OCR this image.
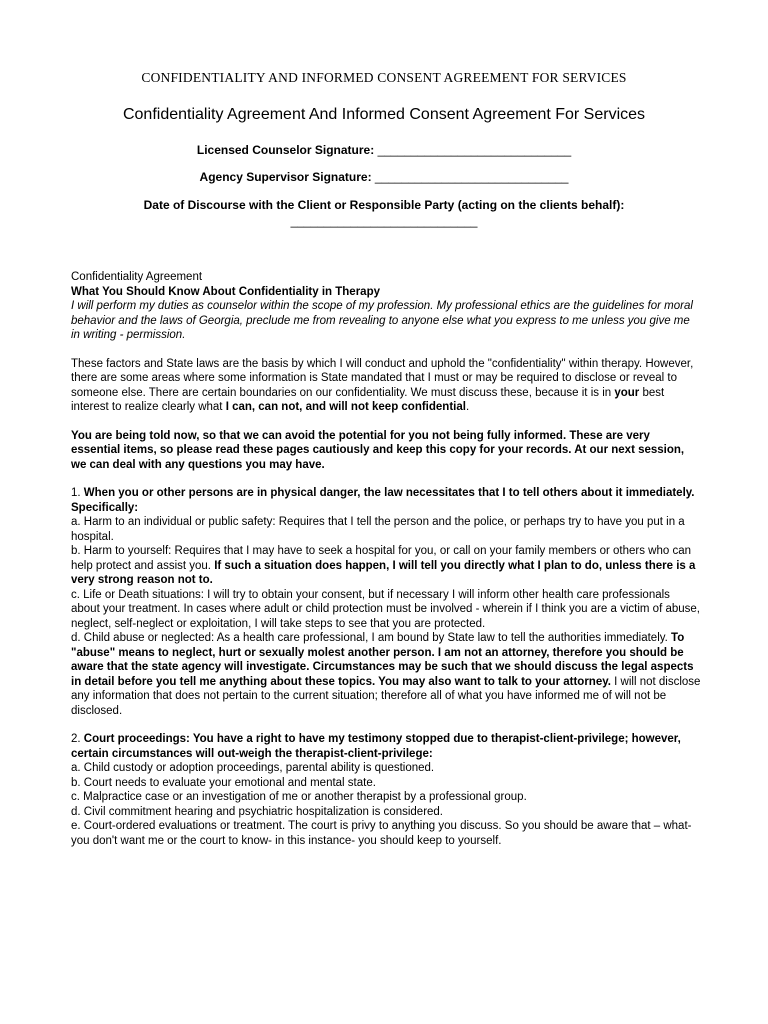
CONFIDENTIALITY AND INFORMED CONSENT AGREEMENT FOR SERVICES
Confidentiality Agreement And Informed Consent Agreement For Services
Licensed Counselor Signature: _____________________________
Agency Supervisor Signature: _____________________________
Date of Discourse with the Client or Responsible Party (acting on the clients behalf):
____________________________

Confidentiality Agreement

What You Should Know About Confidentiality in Therapy

I will perform my duties as counselor within the scope of my profession. My professional ethics are the guidelines for moral behavior and the laws of Georgia, preclude me from revealing to anyone else what you express to me unless you give me in writing - permission.

These factors and State laws are the basis by which I will conduct and uphold the "confidentiality" within therapy. However, there are some areas where some information is State mandated that I must or may be required to disclose or reveal to someone else. There are certain boundaries on our confidentiality. We must discuss these, because it is in your best interest to realize clearly what I can, can not, and will not keep confidential.

You are being told now, so that we can avoid the potential for you not being fully informed. These are very essential items, so please read these pages cautiously and keep this copy for your records. At our next session, we can deal with any questions you may have.

1. When you or other persons are in physical danger, the law necessitates that I to tell others about it immediately.

Specifically:

a. Harm to an individual or public safety: Requires that I tell the person and the police, or perhaps try to have you put in a hospital.

b. Harm to yourself: Requires that I may have to seek a hospital for you, or call on your family members or others who can help protect and assist you. If such a situation does happen, I will tell you directly what I plan to do, unless there is a very strong reason not to.

c. Life or Death situations: I will try to obtain your consent, but if necessary I will inform other health care professionals about your treatment. In cases where adult or child protection must be involved - wherein if I think you are a victim of abuse, neglect, self-neglect or exploitation, I will take steps to see that you are protected.

d. Child abuse or neglected: As a health care professional, I am bound by State law to tell the authorities immediately. To "abuse" means to neglect, hurt or sexually molest another person. I am not an attorney, therefore you should be aware that the state agency will investigate. Circumstances may be such that we should discuss the legal aspects in detail before you tell me anything about these topics. You may also want to talk to your attorney. I will not disclose any information that does not pertain to the current situation; therefore all of what you have informed me of will not be disclosed.

2. Court proceedings: You have a right to have my testimony stopped due to therapist-client-privilege; however, certain circumstances will out-weigh the therapist-client-privilege:

a. Child custody or adoption proceedings, parental ability is questioned.

b. Court needs to evaluate your emotional and mental state.

c. Malpractice case or an investigation of me or another therapist by a professional group.

d. Civil commitment hearing and psychiatric hospitalization is considered.

e. Court-ordered evaluations or treatment. The court is privy to anything you discuss. So you should be aware that – what- you don't want me or the court to know- in this instance- you should keep to yourself.
